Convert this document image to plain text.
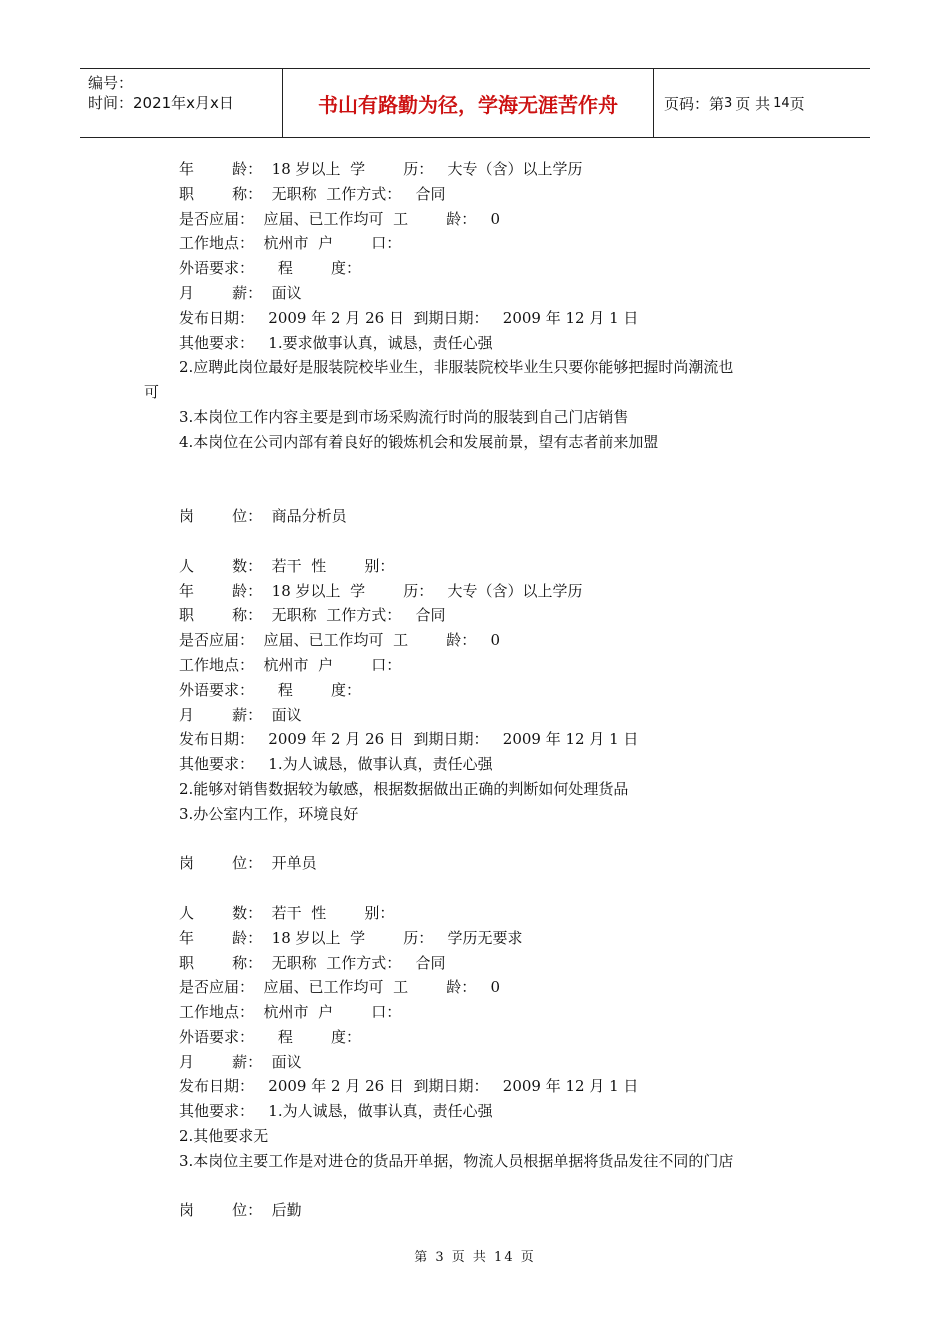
编号：
时间：2021年x月x日	书山有路勤为径，学海无涯苦作舟	页码：第 3 页 共 14 页
年        龄：  18 岁以上  学        历：   大专（含）以上学历
职        称：  无职称  工作方式：   合同
是否应届：  应届、已工作均可  工        龄：   0
工作地点：  杭州市  户        口：
外语要求：     程        度：
月        薪：  面议
发布日期：   2009 年 2 月 26 日  到期日期：   2009 年 12 月 1 日
其他要求：   1.要求做事认真，诚恳，责任心强
2.应聘此岗位最好是服装院校毕业生，非服装院校毕业生只要你能够把握时尚潮流也
可
3.本岗位工作内容主要是到市场采购流行时尚的服装到自己门店销售
4.本岗位在公司内部有着良好的锻炼机会和发展前景，望有志者前来加盟
岗        位：  商品分析员
人        数：  若干  性        别：
年        龄：  18 岁以上  学        历：   大专（含）以上学历
职        称：  无职称  工作方式：   合同
是否应届：  应届、已工作均可  工        龄：   0
工作地点：  杭州市  户        口：
外语要求：     程        度：
月        薪：  面议
发布日期：   2009 年 2 月 26 日  到期日期：   2009 年 12 月 1 日
其他要求：   1.为人诚恳，做事认真，责任心强
2.能够对销售数据较为敏感，根据数据做出正确的判断如何处理货品
3.办公室内工作，环境良好
岗        位：  开单员
人        数：  若干  性        别：
年        龄：  18 岁以上  学        历：   学历无要求
职        称：  无职称  工作方式：   合同
是否应届：  应届、已工作均可  工        龄：   0
工作地点：  杭州市  户        口：
外语要求：     程        度：
月        薪：  面议
发布日期：   2009 年 2 月 26 日  到期日期：   2009 年 12 月 1 日
其他要求：   1.为人诚恳，做事认真，责任心强
2.其他要求无
3.本岗位主要工作是对进仓的货品开单据，物流人员根据单据将货品发往不同的门店
岗        位：  后勤
第 3 页 共 14 页
